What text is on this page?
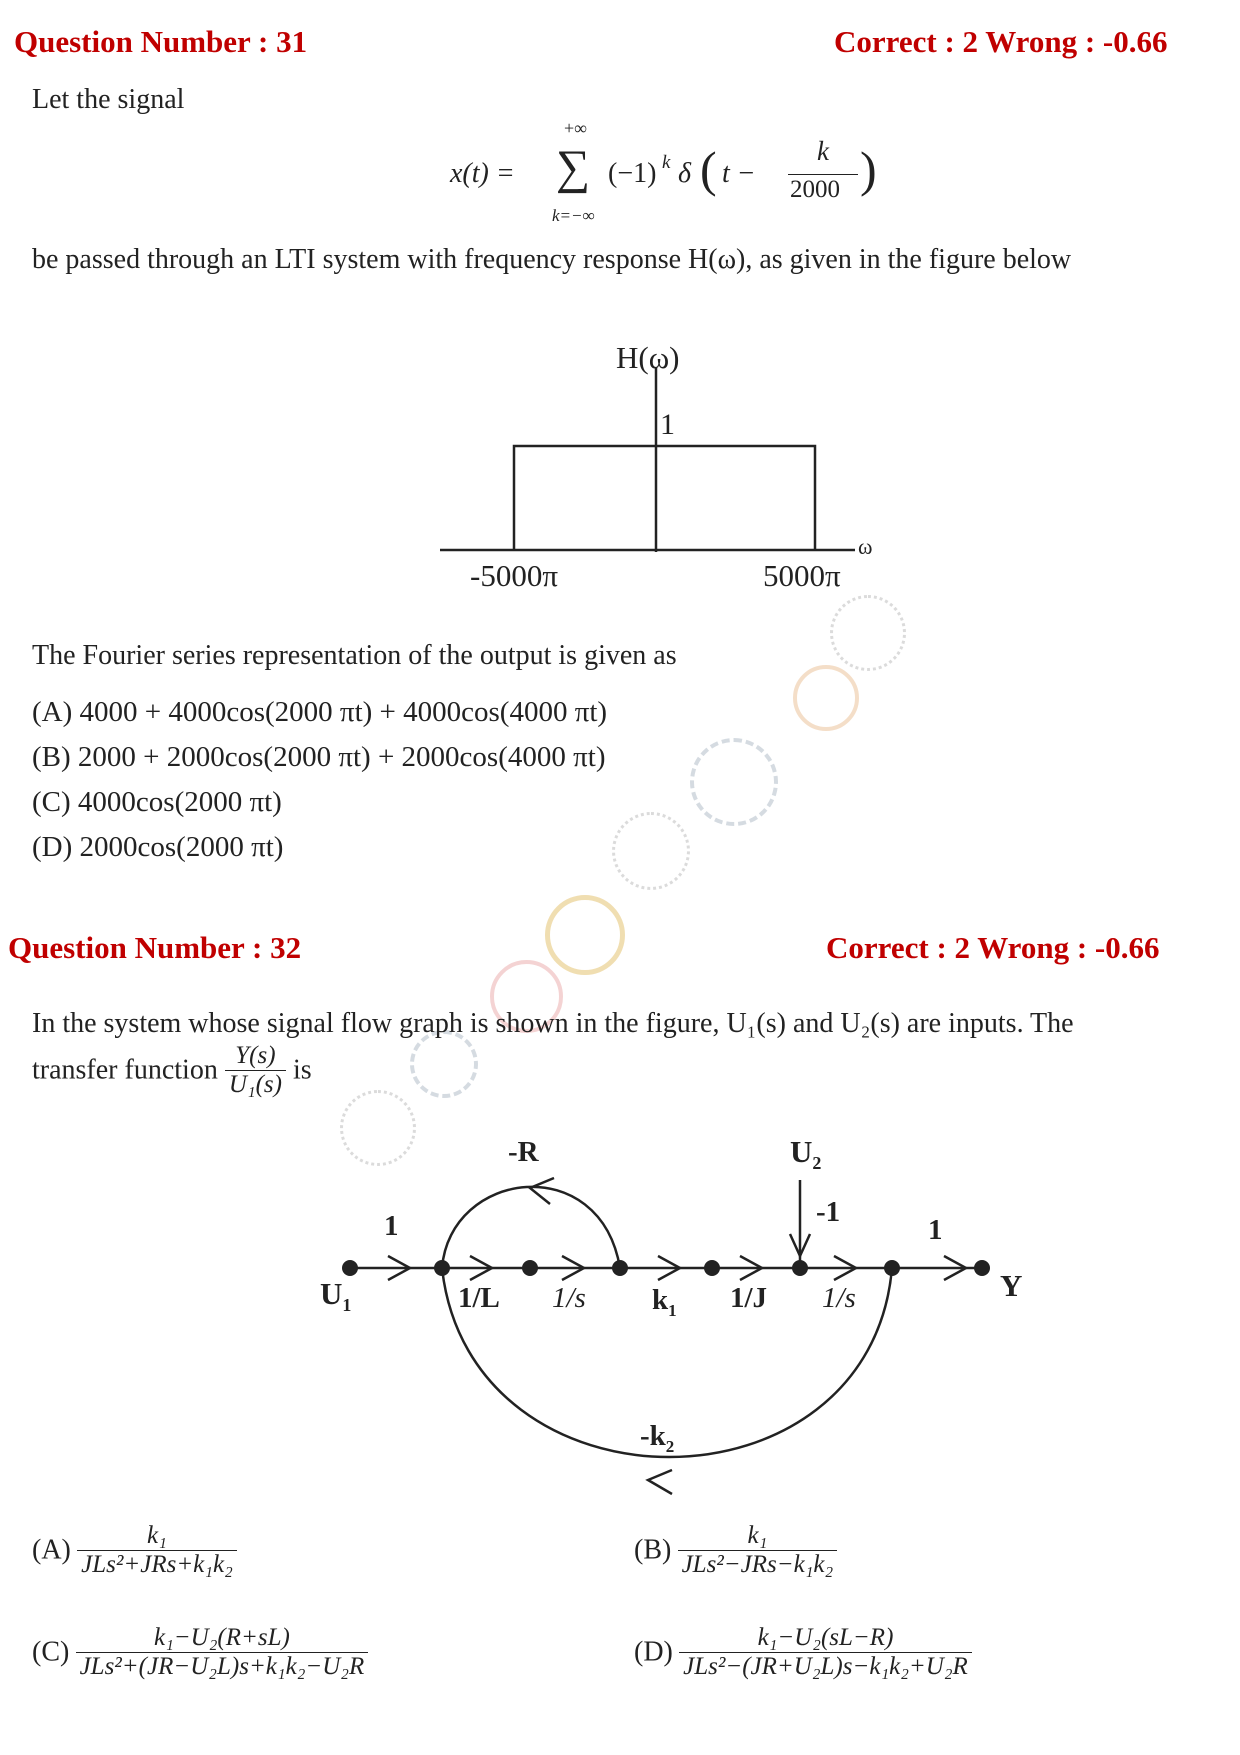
Question Number : 31	Correct : 2 Wrong : -0.66
Let the signal
x(t) =
+∞
∑
k=−∞
(−1) k δ ( t −
k
2000 )
be passed through an LTI system with frequency response H(ω), as given in the figure below
H(ω)
1
-5000π	5000π
ω
The Fourier series representation of the output is given as
(A) 4000 + 4000cos(2000 πt) + 4000cos(4000 πt)
(B) 2000 + 2000cos(2000 πt) + 2000cos(4000 πt)
(C) 4000cos(2000 πt)
(D) 2000cos(2000 πt)
Question Number : 32	Correct : 2 Wrong : -0.66
In the system whose signal flow graph is shown in the figure, U₁(s) and U₂(s) are inputs. The
transfer function $\frac{Y(s)}{\text{U₁(s)}}$ is
$U_1$
Y
$U_2$
1
1/L 1/s $k_1$ 1/J 1/s
1
-R
-1
$-k_2$
$(A) \frac{\text{k₁}}{\text{JLs²+JRs+k₁k₂}}$	$(B) \frac{\text{k₁}}{\text{JLs²−JRs−k₁k₂}}$
$(C) \frac{\text{k₁−U₂(R+sL)}}{\text{JLs²+(JR−U₂L)s+k₁k₂−U₂R}}$	$(D) \frac{\text{k₁−U₂(sL−R)}}{\text{JLs²−(JR+U₂L)s−k₁k₂+U₂R}}$
